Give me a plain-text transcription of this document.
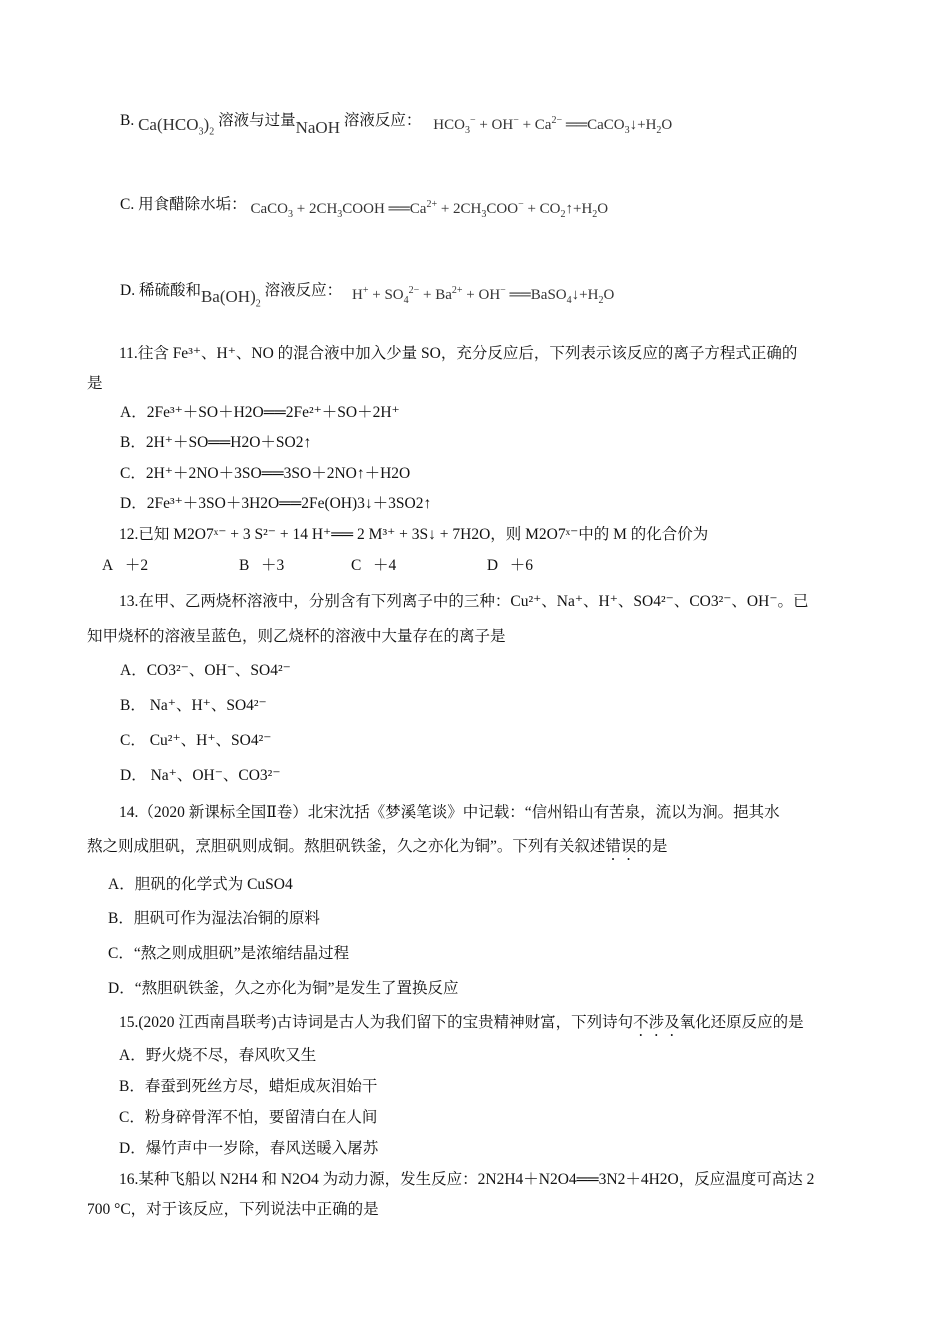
B. $Ca(HCO_3)_2$ 溶液与过量NaOH 溶液反应： $HCO_3^- + OH^- + Ca^{2-}$ $══CaCO_3↓+H_2O$
C. 用食醋除水垢： CaCO$_3$ + $2CH_3COOH$ $══Ca^{2+} + 2CH_3COO^-$ + $CO_2↑+H_2O$
D. 稀硫酸和$Ba(OH)_2$ 溶液反应： $H^+ + SO_4^{2-} + Ba^{2+} + OH^-$ $══BaSO_4↓+H_2O$
11.往含 Fe³⁺、H⁺、NO 的混合液中加入少量 SO，充分反应后，下列表示该反应的离子方程式正确的
是
A．2Fe³⁺＋SO＋H2O══2Fe²⁺＋SO＋2H⁺
B．2H⁺＋SO══H2O＋SO2↑
C．2H⁺＋2NO＋3SO══3SO＋2NO↑＋H2O
D．2Fe³⁺＋3SO＋3H2O══2Fe(OH)3↓＋3SO2↑
12.已知 M2O7ˣ⁻ + 3 S²⁻ + 14 H⁺══ 2 M³⁺ + 3S↓ + 7H2O，则 M2O7ˣ⁻中的 M 的化合价为
A ＋2	B ＋3	C ＋4	D ＋6
13.在甲、乙两烧杯溶液中，分别含有下列离子中的三种：Cu²⁺、Na⁺、H⁺、SO4²⁻、CO3²⁻、OH⁻。已
知甲烧杯的溶液呈蓝色，则乙烧杯的溶液中大量存在的离子是
A．CO3²⁻、OH⁻、SO4²⁻
B． Na⁺、H⁺、SO4²⁻
C． Cu²⁺、H⁺、SO4²⁻
D． Na⁺、OH⁻、CO3²⁻
14.（2020 新课标全国Ⅱ卷）北宋沈括《梦溪笔谈》中记载：“信州铅山有苦泉，流以为涧。挹其水
熬之则成胆矾，烹胆矾则成铜。熬胆矾铁釜，久之亦化为铜”。下列有关叙述错误的是
A．胆矾的化学式为 CuSO4
B．胆矾可作为湿法冶铜的原料
C．“熬之则成胆矾”是浓缩结晶过程
D．“熬胆矾铁釜，久之亦化为铜”是发生了置换反应
15.(2020 江西南昌联考)古诗词是古人为我们留下的宝贵精神财富，下列诗句不涉及氧化还原反应的是
A．野火烧不尽，春风吹又生
B．春蚕到死丝方尽，蜡炬成灰泪始干
C．粉身碎骨浑不怕，要留清白在人间
D．爆竹声中一岁除，春风送暖入屠苏
16.某种飞船以 N2H4 和 N2O4 为动力源，发生反应：2N2H4＋N2O4══3N2＋4H2O，反应温度可高达 2
700 °C，对于该反应，下列说法中正确的是
